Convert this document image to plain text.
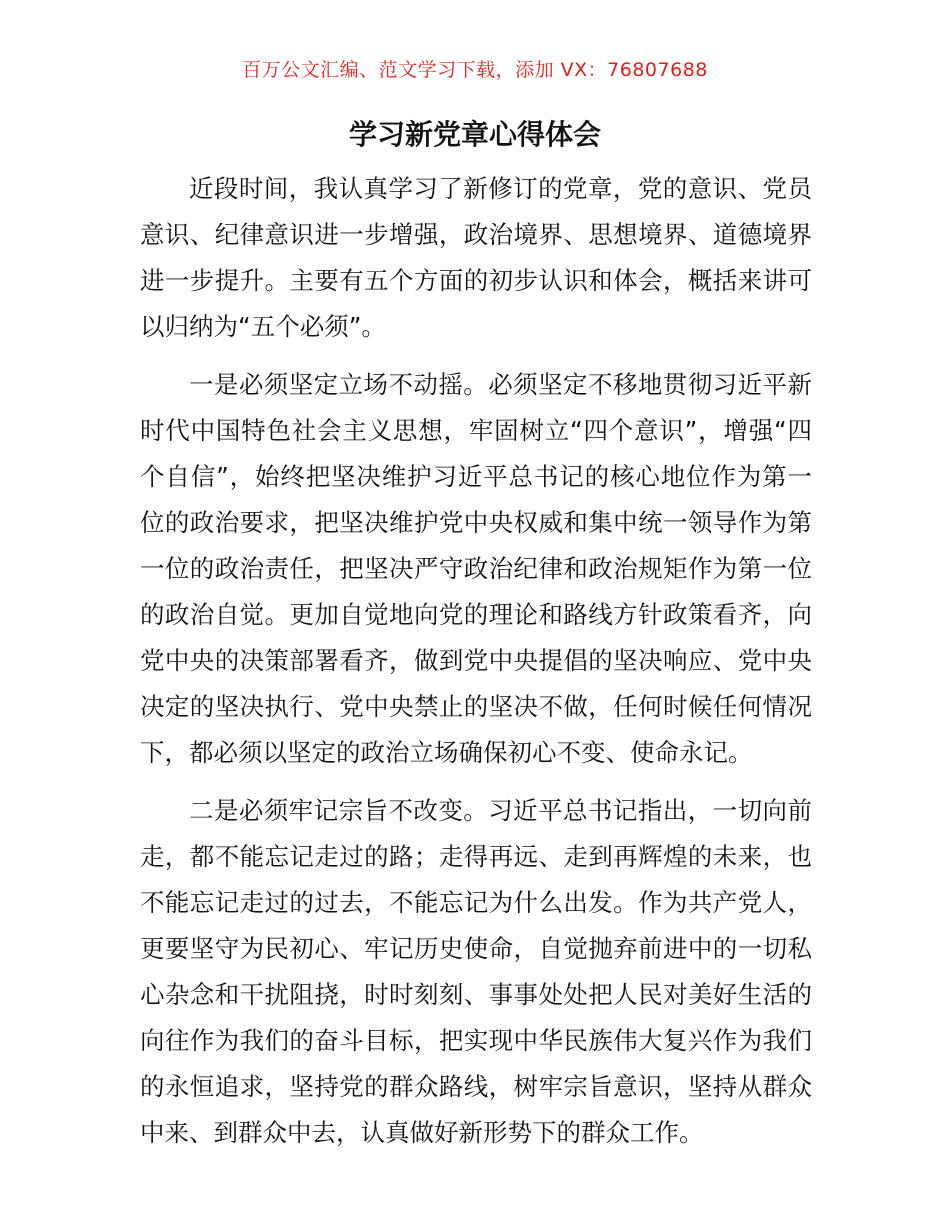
百万公文汇编、范文学习下载，添加 VX：76807688
学习新党章心得体会

近段时间，我认真学习了新修订的党章，党的意识、党员意识、纪律意识进一步增强，政治境界、思想境界、道德境界进一步提升。主要有五个方面的初步认识和体会，概括来讲可以归纳为“五个必须”。

一是必须坚定立场不动摇。必须坚定不移地贯彻习近平新时代中国特色社会主义思想，牢固树立“四个意识”，增强“四个自信”，始终把坚决维护习近平总书记的核心地位作为第一位的政治要求，把坚决维护党中央权威和集中统一领导作为第一位的政治责任，把坚决严守政治纪律和政治规矩作为第一位的政治自觉。更加自觉地向党的理论和路线方针政策看齐，向党中央的决策部署看齐，做到党中央提倡的坚决响应、党中央决定的坚决执行、党中央禁止的坚决不做，任何时候任何情况下，都必须以坚定的政治立场确保初心不变、使命永记。

二是必须牢记宗旨不改变。习近平总书记指出，一切向前走，都不能忘记走过的路；走得再远、走到再辉煌的未来，也不能忘记走过的过去，不能忘记为什么出发。作为共产党人，更要坚守为民初心、牢记历史使命，自觉抛弃前进中的一切私心杂念和干扰阻挠，时时刻刻、事事处处把人民对美好生活的向往作为我们的奋斗目标，把实现中华民族伟大复兴作为我们的永恒追求，坚持党的群众路线，树牢宗旨意识，坚持从群众中来、到群众中去，认真做好新形势下的群众工作。
